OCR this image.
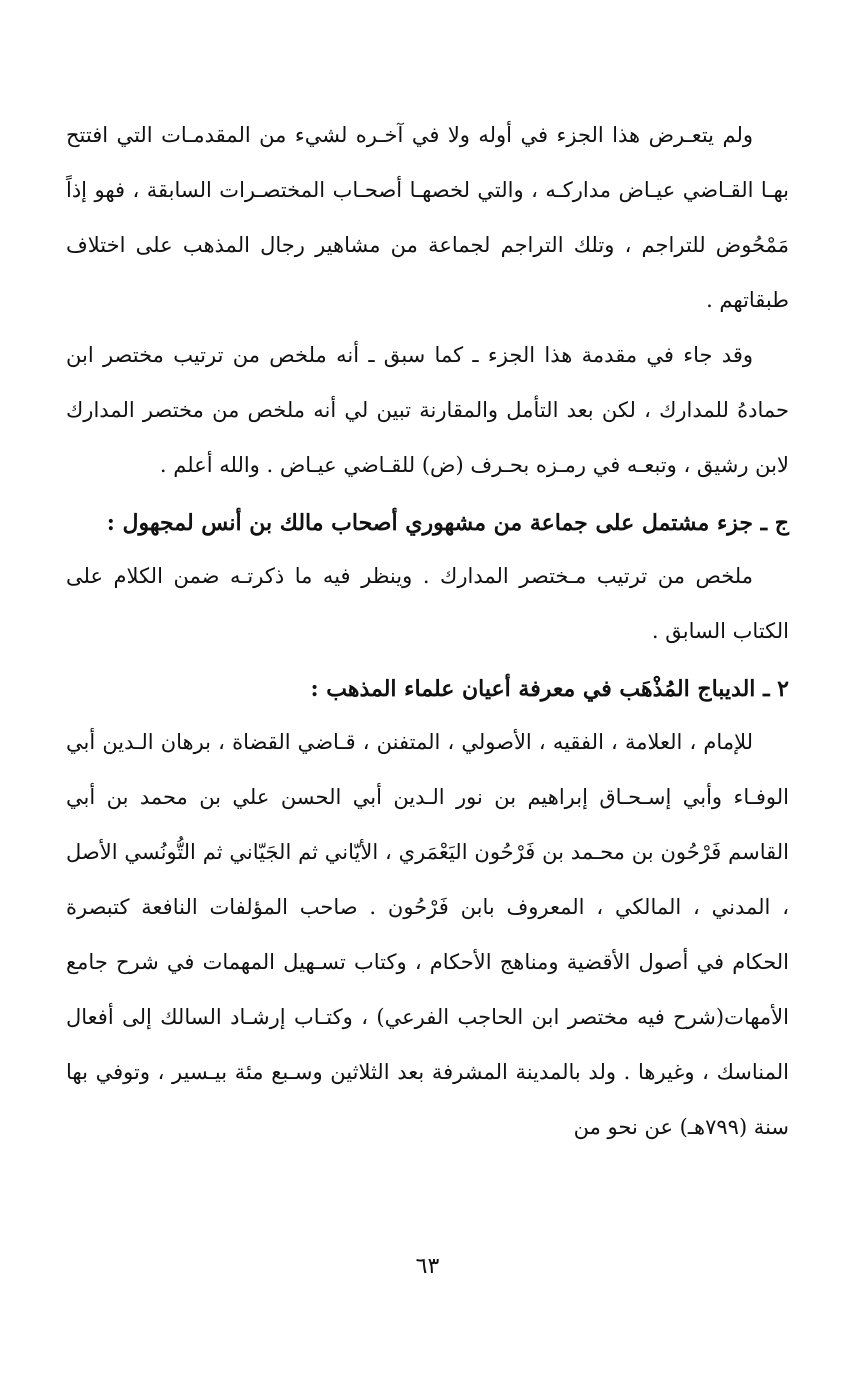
ولم يتعـرض هذا الجزء في أوله ولا في آخـره لشيء من المقدمـات التي افتتح بهـا القـاضي عيـاض مداركـه ، والتي لخصهـا أصحـاب المختصـرات السابقة ، فهو إذاً مَمْحُوض للتراجم ، وتلك التراجم لجماعة من مشاهير رجال المذهب على اختلاف طبقاتهم .

وقد جاء في مقدمة هذا الجزء ـ كما سبق ـ أنه ملخص من ترتيب مختصر ابن حمادهُ للمدارك ، لكن بعد التأمل والمقارنة تبين لي أنه ملخص من مختصر المدارك لابن رشيق ، وتبعـه في رمـزه بحـرف (ض) للقـاضي عيـاض . والله أعلم .

ج ـ جزء مشتمل على جماعة من مشهوري أصحاب مالك بن أنس لمجهول :

ملخص من ترتيب مـختصر المدارك . وينظر فيه ما ذكرتـه ضمن الكلام على الكتاب السابق .

٢ ـ الديباج المُذْهَب في معرفة أعيان علماء المذهب :

للإمام ، العلامة ، الفقيه ، الأصولي ، المتفنن ، قـاضي القضاة ، برهان الـدين أبي الوفـاء وأبي إسـحـاق إبراهيم بن نور الـدين أبي الحسن علي بن محمد بن أبي القاسم فَرْحُون بن محـمد بن فَرْحُون اليَعْمَري ، الأيّاني ثم الجَيّاني ثم التُّونُسي الأصل ، المدني ، المالكي ، المعروف بابن فَرْحُون . صاحب المؤلفات النافعة كتبصرة الحكام في أصول الأقضية ومناهج الأحكام ، وكتاب تسـهيل المهمات في شرح جامع الأمهات(شرح فيه مختصر ابن الحاجب الفرعي) ، وكتـاب إرشـاد السالك إلى أفعال المناسك ، وغيرها . ولد بالمدينة المشرفة بعد الثلاثين وسـبع مئة بيـسير ، وتوفي بها سنة (٧٩٩هـ) عن نحو من

٦٣
